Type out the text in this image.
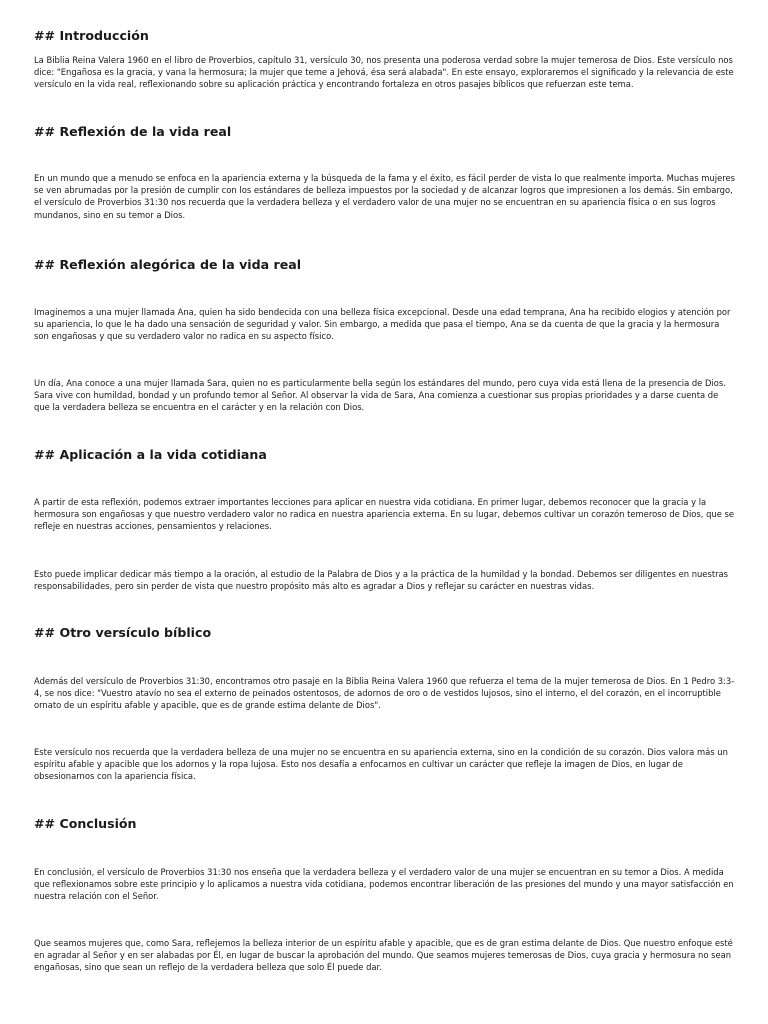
## Introducción

La Biblia Reina Valera 1960 en el libro de Proverbios, capítulo 31, versículo 30, nos presenta una poderosa verdad sobre la mujer temerosa de Dios. Este versículo nos dice: "Engañosa es la gracia, y vana la hermosura; la mujer que teme a Jehová, ésa será alabada". En este ensayo, exploraremos el significado y la relevancia de este versículo en la vida real, reflexionando sobre su aplicación práctica y encontrando fortaleza en otros pasajes bíblicos que refuerzan este tema.

## Reflexión de la vida real

En un mundo que a menudo se enfoca en la apariencia externa y la búsqueda de la fama y el éxito, es fácil perder de vista lo que realmente importa. Muchas mujeres se ven abrumadas por la presión de cumplir con los estándares de belleza impuestos por la sociedad y de alcanzar logros que impresionen a los demás. Sin embargo, el versículo de Proverbios 31:30 nos recuerda que la verdadera belleza y el verdadero valor de una mujer no se encuentran en su apariencia física o en sus logros mundanos, sino en su temor a Dios.

## Reflexión alegórica de la vida real

Imaginemos a una mujer llamada Ana, quien ha sido bendecida con una belleza física excepcional. Desde una edad temprana, Ana ha recibido elogios y atención por su apariencia, lo que le ha dado una sensación de seguridad y valor. Sin embargo, a medida que pasa el tiempo, Ana se da cuenta de que la gracia y la hermosura son engañosas y que su verdadero valor no radica en su aspecto físico.

Un día, Ana conoce a una mujer llamada Sara, quien no es particularmente bella según los estándares del mundo, pero cuya vida está llena de la presencia de Dios. Sara vive con humildad, bondad y un profundo temor al Señor. Al observar la vida de Sara, Ana comienza a cuestionar sus propias prioridades y a darse cuenta de que la verdadera belleza se encuentra en el carácter y en la relación con Dios.

## Aplicación a la vida cotidiana

A partir de esta reflexión, podemos extraer importantes lecciones para aplicar en nuestra vida cotidiana. En primer lugar, debemos reconocer que la gracia y la hermosura son engañosas y que nuestro verdadero valor no radica en nuestra apariencia externa. En su lugar, debemos cultivar un corazón temeroso de Dios, que se refleje en nuestras acciones, pensamientos y relaciones.

Esto puede implicar dedicar más tiempo a la oración, al estudio de la Palabra de Dios y a la práctica de la humildad y la bondad. Debemos ser diligentes en nuestras responsabilidades, pero sin perder de vista que nuestro propósito más alto es agradar a Dios y reflejar su carácter en nuestras vidas.

## Otro versículo bíblico

Además del versículo de Proverbios 31:30, encontramos otro pasaje en la Biblia Reina Valera 1960 que refuerza el tema de la mujer temerosa de Dios. En 1 Pedro 3:3-4, se nos dice: "Vuestro atavío no sea el externo de peinados ostentosos, de adornos de oro o de vestidos lujosos, sino el interno, el del corazón, en el incorruptible ornato de un espíritu afable y apacible, que es de grande estima delante de Dios".

Este versículo nos recuerda que la verdadera belleza de una mujer no se encuentra en su apariencia externa, sino en la condición de su corazón. Dios valora más un espíritu afable y apacible que los adornos y la ropa lujosa. Esto nos desafía a enfocarnos en cultivar un carácter que refleje la imagen de Dios, en lugar de obsesionarnos con la apariencia física.

## Conclusión

En conclusión, el versículo de Proverbios 31:30 nos enseña que la verdadera belleza y el verdadero valor de una mujer se encuentran en su temor a Dios. A medida que reflexionamos sobre este principio y lo aplicamos a nuestra vida cotidiana, podemos encontrar liberación de las presiones del mundo y una mayor satisfacción en nuestra relación con el Señor.

Que seamos mujeres que, como Sara, reflejemos la belleza interior de un espíritu afable y apacible, que es de gran estima delante de Dios. Que nuestro enfoque esté en agradar al Señor y en ser alabadas por Él, en lugar de buscar la aprobación del mundo. Que seamos mujeres temerosas de Dios, cuya gracia y hermosura no sean engañosas, sino que sean un reflejo de la verdadera belleza que solo Él puede dar.
